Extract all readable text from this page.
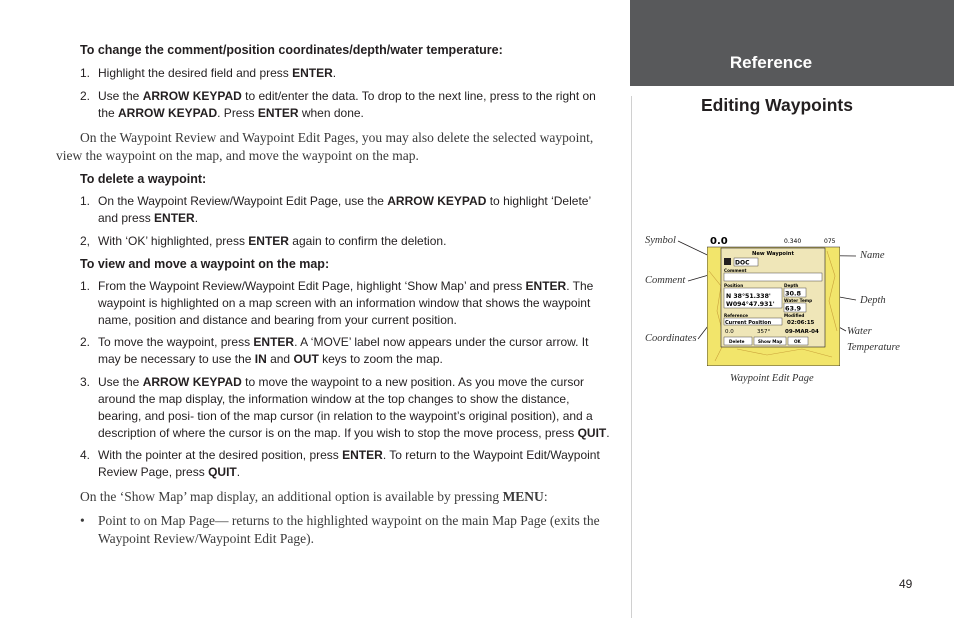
To change the comment/position coordinates/depth/water temperature:
1. Highlight the desired field and press ENTER.
2. Use the ARROW KEYPAD to edit/enter the data. To drop to the next line, press to the right on the ARROW KEYPAD. Press ENTER when done.
On the Waypoint Review and Waypoint Edit Pages, you may also delete the selected waypoint, view the waypoint on the map, and move the waypoint on the map.
To delete a waypoint:
1. On the Waypoint Review/Waypoint Edit Page, use the ARROW KEYPAD to highlight ‘Delete’ and press ENTER.
2, With ‘OK’ highlighted, press ENTER again to confirm the deletion.
To view and move a waypoint on the map:
1. From the Waypoint Review/Waypoint Edit Page, highlight ‘Show Map’ and press ENTER. The waypoint is highlighted on a map screen with an information window that shows the waypoint name, position and distance and bearing from your current position.
2. To move the waypoint, press ENTER. A ‘MOVE’ label now appears under the cursor arrow. It may be necessary to use the IN and OUT keys to zoom the map.
3. Use the ARROW KEYPAD to move the waypoint to a new position. As you move the cursor around the map display, the information window at the top changes to show the distance, bearing, and posi- tion of the map cursor (in relation to the waypoint’s original position), and a description of where the cursor is on the map. If you wish to stop the move process, press QUIT.
4. With the pointer at the desired position, press ENTER. To return to the Waypoint Edit/Waypoint Review Page, press QUIT.
On the ‘Show Map’ map display, an additional option is available by pressing MENU:
• Point to on Map Page— returns to the highlighted waypoint on the main Map Page (exits the Waypoint Review/Waypoint Edit Page).
Reference
Editing Waypoints
Symbol
Comment
Coordinates
Name
Depth
Water
Temperature
Waypoint Edit Page
0.0	0.340	075
New Waypoint
DOC
Comment
Position	Depth
N 38°51.338'
W094°47.931'
30.8
Water Temp
63.9
Reference	Modified
Current Position	02:06:15
0.0	357°	09-MAR-04
Delete	Show Map	OK
49
